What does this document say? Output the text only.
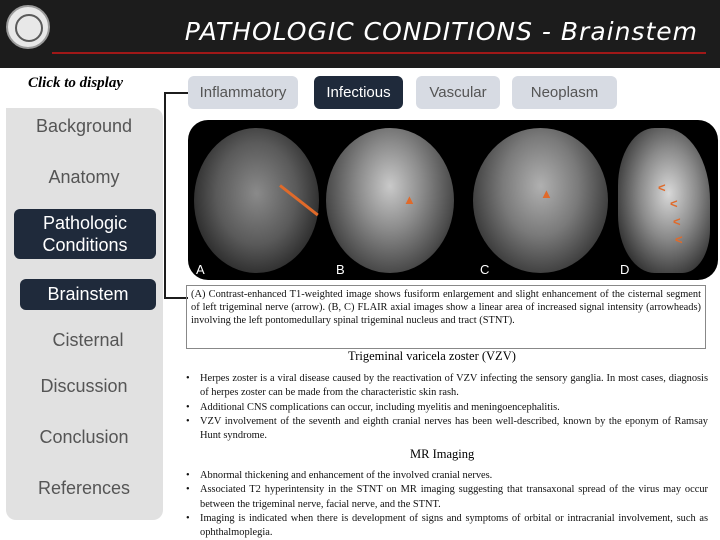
PATHOLOGIC CONDITIONS - Brainstem
Click to display
Inflammatory	Infectious	Vascular	Neoplasm
Background
Anatomy
Pathologic Conditions
Brainstem
Cisternal
Discussion
Conclusion
References
▲	▲	<
<
<
<
A	B	C	D
(A) Contrast-enhanced T1-weighted image shows fusiform enlargement and slight enhancement of the cisternal segment of left trigeminal nerve (arrow). (B, C) FLAIR axial images show a linear area of increased signal intensity (arrowheads) involving the left pontomedullary spinal trigeminal nucleus and tract (STNT).
Trigeminal varicela zoster (VZV)
• Herpes zoster is a viral disease caused by the reactivation of VZV infecting the sensory ganglia. In most cases, diagnosis of herpes zoster can be made from the characteristic skin rash.
• Additional CNS complications can occur, including myelitis and meningoencephalitis.
• VZV involvement of the seventh and eighth cranial nerves has been well-described, known by the eponym of Ramsay Hunt syndrome.
MR Imaging
• Abnormal thickening and enhancement of the involved cranial nerves.
• Associated T2 hyperintensity in the STNT on MR imaging suggesting that transaxonal spread of the virus may occur between the trigeminal nerve, facial nerve, and the STNT.
• Imaging is indicated when there is development of signs and symptoms of orbital or intracranial involvement, such as ophthalmoplegia.
